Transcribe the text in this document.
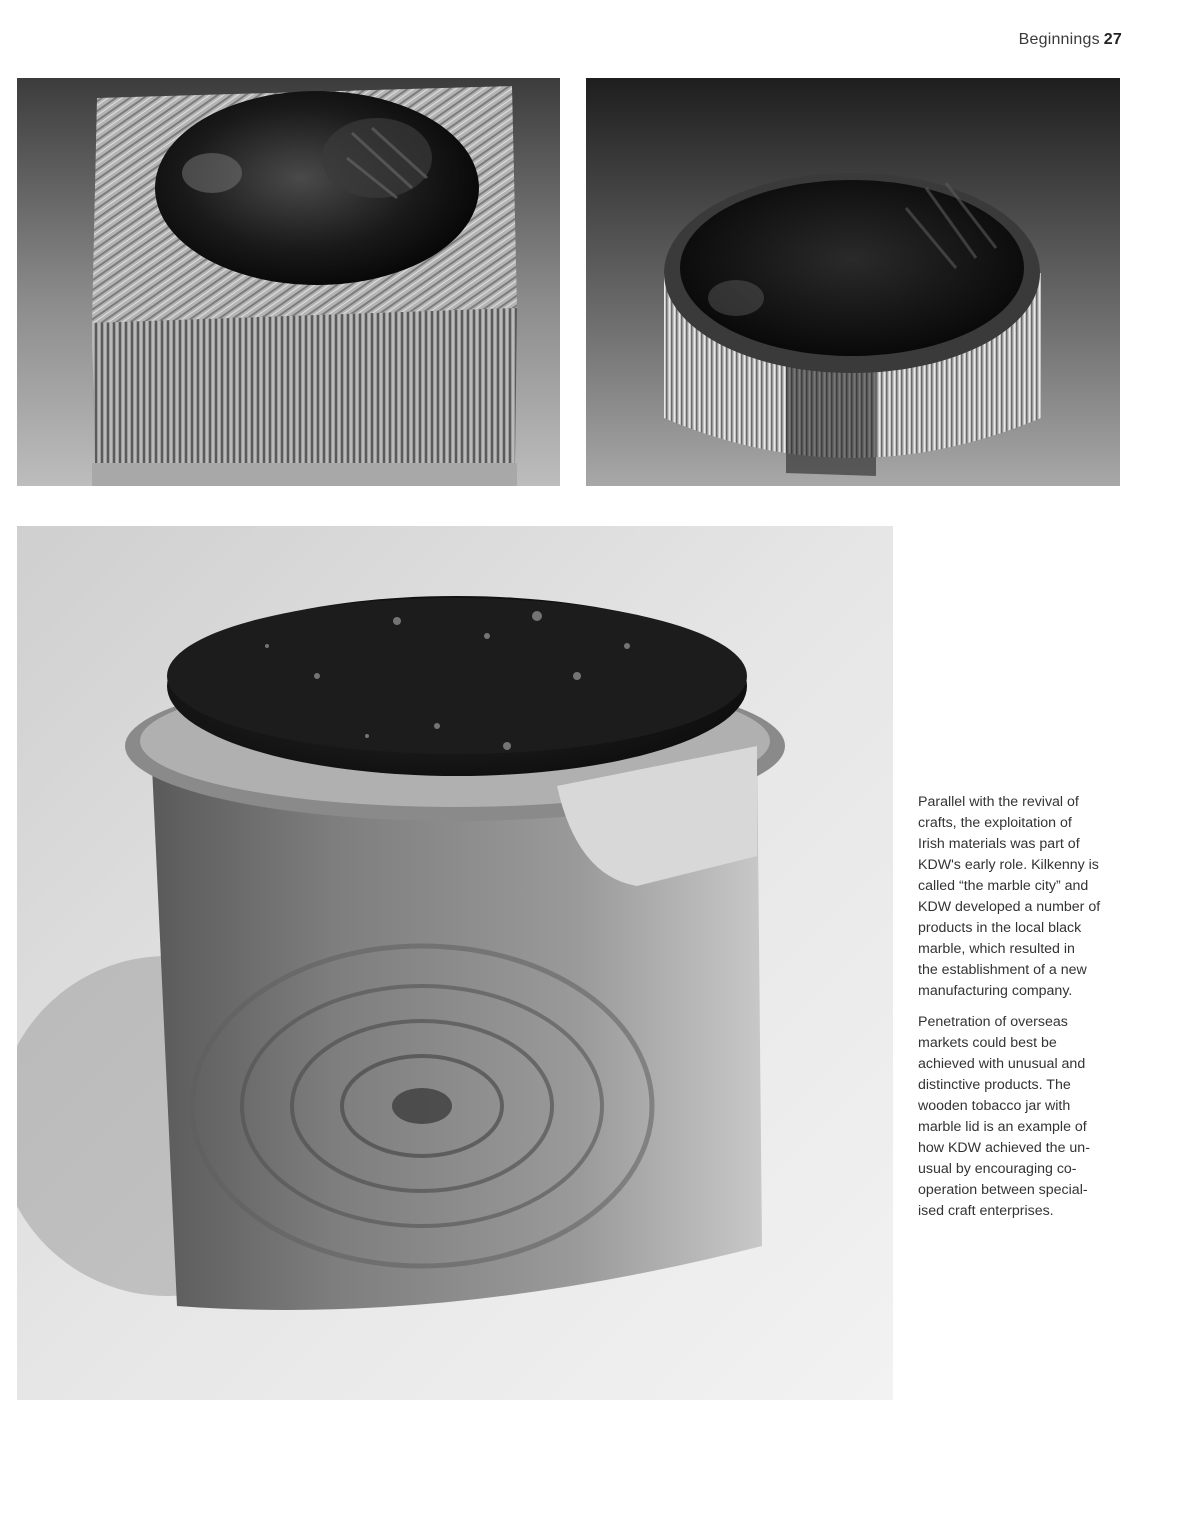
Beginnings 27

Parallel with the revival of
crafts, the exploitation of
Irish materials was part of
KDW's early role. Kilkenny is
called “the marble city” and
KDW developed a number of
products in the local black
marble, which resulted in
the establishment of a new
manufacturing company.

Penetration of overseas
markets could best be
achieved with unusual and
distinctive products. The
wooden tobacco jar with
marble lid is an example of
how KDW achieved the un-
usual by encouraging co-
operation between special-
ised craft enterprises.
